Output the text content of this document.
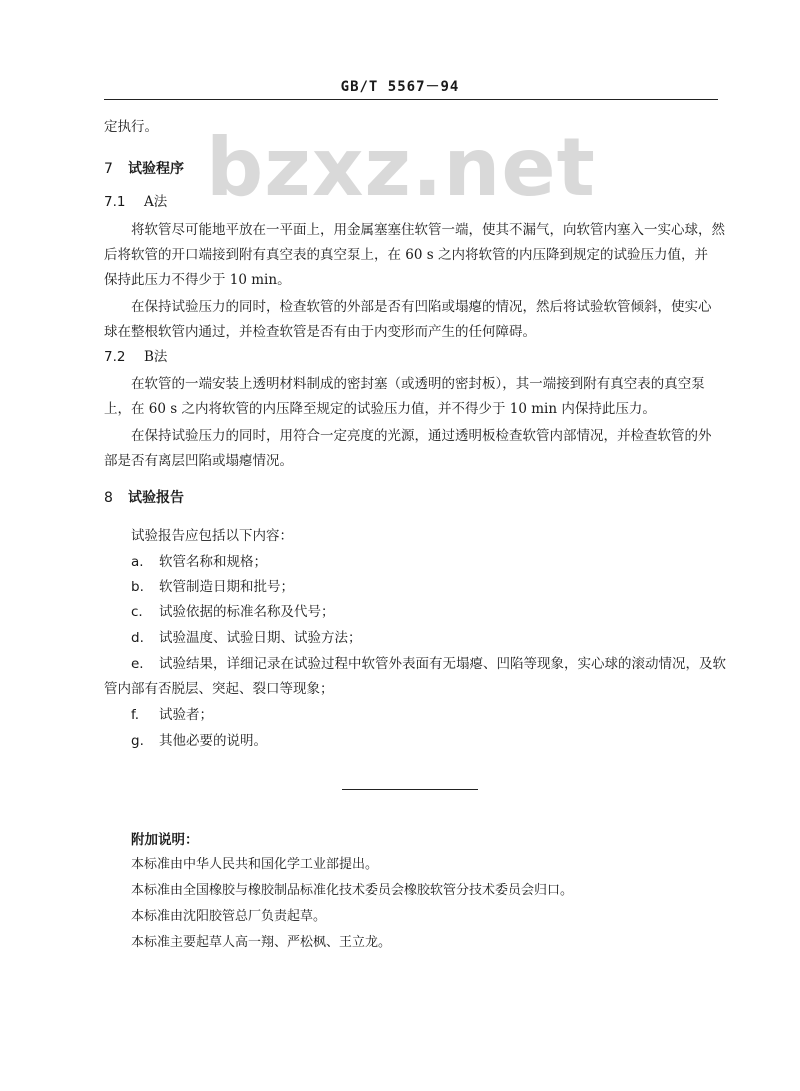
GB/T 5567－94
bzxz.net
定执行。
7 试验程序
7.1 A法
将软管尽可能地平放在一平面上，用金属塞塞住软管一端，使其不漏气，向软管内塞入一实心球，然
后将软管的开口端接到附有真空表的真空泵上，在 60 s 之内将软管的内压降到规定的试验压力值，并
保持此压力不得少于 10 min。
在保持试验压力的同时，检查软管的外部是否有凹陷或塌瘪的情况，然后将试验软管倾斜，使实心
球在整根软管内通过，并检查软管是否有由于内变形而产生的任何障碍。
7.2 B法
在软管的一端安装上透明材料制成的密封塞（或透明的密封板），其一端接到附有真空表的真空泵
上，在 60 s 之内将软管的内压降至规定的试验压力值，并不得少于 10 min 内保持此压力。
在保持试验压力的同时，用符合一定亮度的光源，通过透明板检查软管内部情况，并检查软管的外
部是否有离层凹陷或塌瘪情况。
8 试验报告
试验报告应包括以下内容：
a. 软管名称和规格；
b. 软管制造日期和批号；
c. 试验依据的标准名称及代号；
d. 试验温度、试验日期、试验方法；
e. 试验结果，详细记录在试验过程中软管外表面有无塌瘪、凹陷等现象，实心球的滚动情况，及软
管内部有否脱层、突起、裂口等现象；
f. 试验者；
g. 其他必要的说明。
附加说明：
本标准由中华人民共和国化学工业部提出。
本标准由全国橡胶与橡胶制品标准化技术委员会橡胶软管分技术委员会归口。
本标准由沈阳胶管总厂负责起草。
本标准主要起草人高一翔、严松枫、王立龙。
